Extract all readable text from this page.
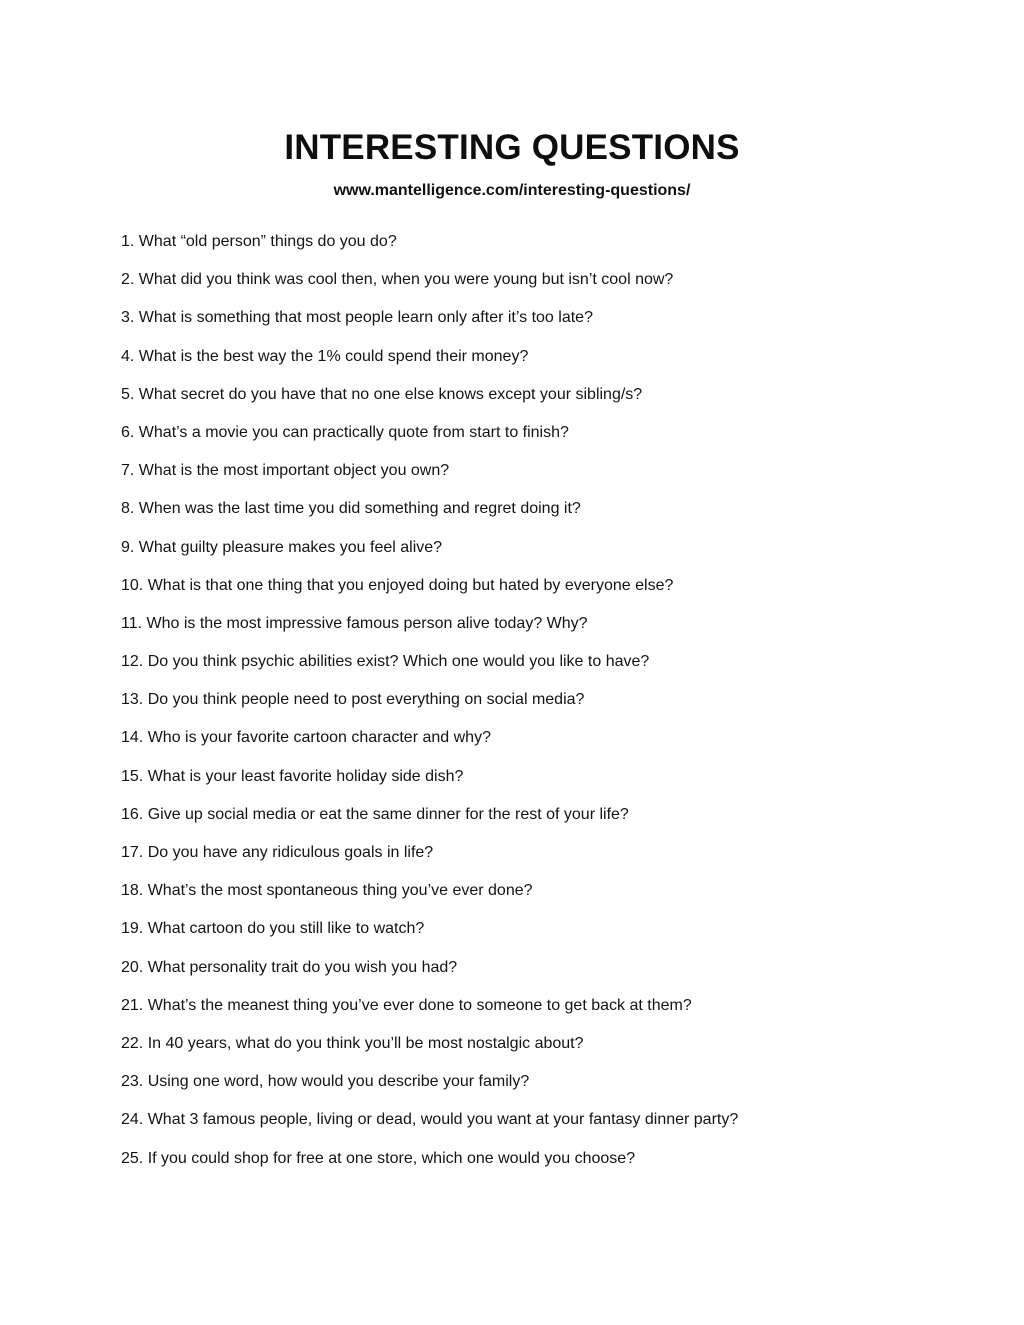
INTERESTING QUESTIONS
www.mantelligence.com/interesting-questions/
1. What “old person” things do you do?
2. What did you think was cool then, when you were young but isn’t cool now?
3. What is something that most people learn only after it’s too late?
4. What is the best way the 1% could spend their money?
5. What secret do you have that no one else knows except your sibling/s?
6. What’s a movie you can practically quote from start to finish?
7. What is the most important object you own?
8. When was the last time you did something and regret doing it?
9. What guilty pleasure makes you feel alive?
10. What is that one thing that you enjoyed doing but hated by everyone else?
11. Who is the most impressive famous person alive today? Why?
12. Do you think psychic abilities exist? Which one would you like to have?
13. Do you think people need to post everything on social media?
14. Who is your favorite cartoon character and why?
15. What is your least favorite holiday side dish?
16. Give up social media or eat the same dinner for the rest of your life?
17. Do you have any ridiculous goals in life?
18. What’s the most spontaneous thing you’ve ever done?
19. What cartoon do you still like to watch?
20. What personality trait do you wish you had?
21. What’s the meanest thing you’ve ever done to someone to get back at them?
22. In 40 years, what do you think you’ll be most nostalgic about?
23. Using one word, how would you describe your family?
24. What 3 famous people, living or dead, would you want at your fantasy dinner party?
25. If you could shop for free at one store, which one would you choose?
